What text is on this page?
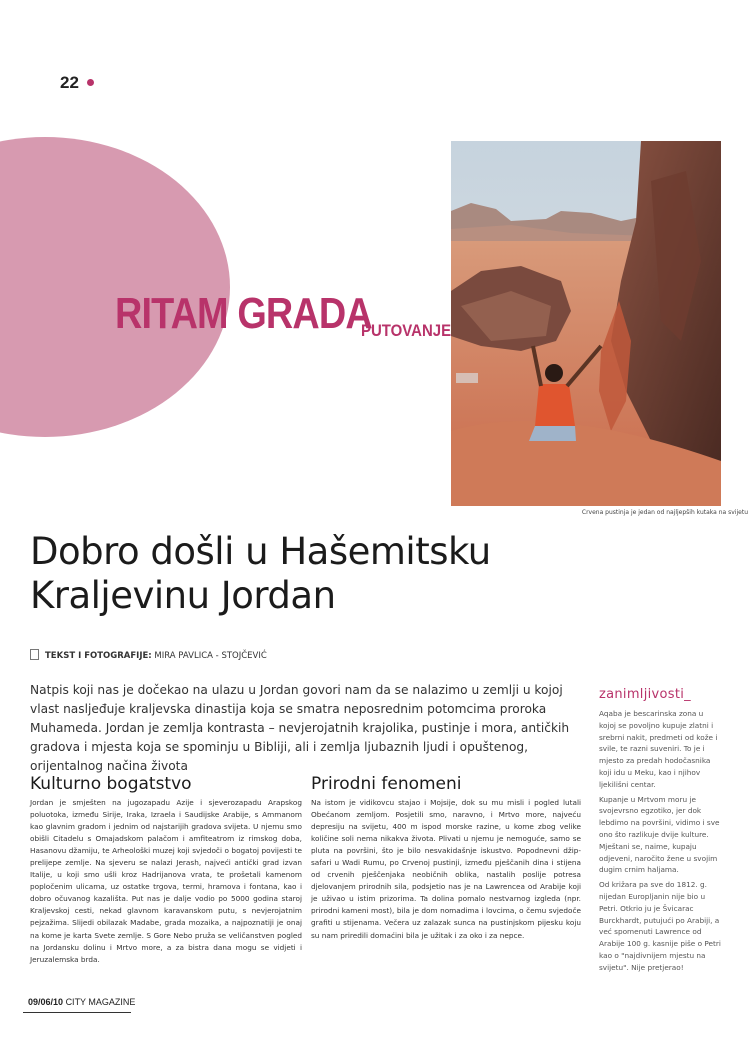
22
RITAM GRADA
PUTOVANJE
Crvena pustinja je jedan od najljepših kutaka na svijetu
Dobro došli u Hašemitsku Kraljevinu Jordan
TEKST I FOTOGRAFIJE: MIRA PAVLICA - STOJČEVIĆ
Natpis koji nas je dočekao na ulazu u Jordan govori nam da se nalazimo u zemlji u kojoj vlast nasljeđuje kraljevska dinastija koja se smatra neposrednim potomcima proroka Muhameda. Jordan je zemlja kontrasta – nevjerojatnih krajolika, pustinje i mora, antičkih gradova i mjesta koja se spominju u Bibliji, ali i zemlja ljubaznih ljudi i opuštenog, orijentalnog načina života
Kulturno bogatstvo
Jordan je smješten na jugozapadu Azije i sjeverozapadu Arapskog poluotoka, između Sirije, Iraka, Izraela i Saudijske Arabije, s Ammanom kao glavnim gradom i jednim od najstarijih gradova svijeta. U njemu smo obišli Citadelu s Omajadskom palačom i amfiteatrom iz rimskog doba, Hasanovu džamiju, te Arheološki muzej koji svjedoči o bogatoj povijesti te prelijepe zemlje. Na sjeveru se nalazi Jerash, najveći antički grad izvan Italije, u koji smo ušli kroz Hadrijanova vrata, te prošetali kamenom popločenim ulicama, uz ostatke trgova, termi, hramova i fontana, kao i dobro očuvanog kazališta. Put nas je dalje vodio po 5000 godina staroj Kraljevskoj cesti, nekad glavnom karavanskom putu, s nevjerojatnim pejzažima. Slijedi obilazak Madabe, grada mozaika, a najpoznatiji je onaj na kome je karta Svete zemlje. S Gore Nebo pruža se veličanstven pogled na Jordansku dolinu i Mrtvo more, a za bistra dana mogu se vidjeti i Jeruzalemska brda.
Prirodni fenomeni
Na istom je vidikovcu stajao i Mojsije, dok su mu misli i pogled lutali Obećanom zemljom. Posjetili smo, naravno, i Mrtvo more, najveću depresiju na svijetu, 400 m ispod morske razine, u kome zbog velike količine soli nema nikakva života. Plivati u njemu je nemoguće, samo se pluta na površini, što je bilo nesvakidašnje iskustvo. Popodnevni džip-safari u Wadi Rumu, po Crvenoj pustinji, između pješčanih dina i stijena od crvenih pješčenjaka neobičnih oblika, nastalih poslije potresa djelovanjem prirodnih sila, podsjetio nas je na Lawrencea od Arabije koji je uživao u istim prizorima. Ta dolina pomalo nestvarnog izgleda (npr. prirodni kameni most), bila je dom nomadima i lovcima, o čemu svjedoče grafiti u stijenama. Večera uz zalazak sunca na pustinjskom pijesku koju su nam priredili domaćini bila je užitak i za oko i za nepce.
zanimljivosti_

Aqaba je bescarinska zona u kojoj se povoljno kupuje zlatni i srebrni nakit, predmeti od kože i svile, te razni suveniri. To je i mjesto za predah hodočasnika koji idu u Meku, kao i njihov ljekilišni centar.

Kupanje u Mrtvom moru je svojevrsno egzotiko, jer dok lebdimo na površini, vidimo i sve ono što razlikuje dvije kulture. Mještani se, naime, kupaju odjeveni, naročito žene u svojim dugim crnim haljama.

Od križara pa sve do 1812. g. nijedan Europljanin nije bio u Petri. Otkrio ju je Švicarac Burckhardt, putujući po Arabiji, a već spomenuti Lawrence od Arabije 100 g. kasnije piše o Petri kao o "najdivnijem mjestu na svijetu". Nije pretjerao!

09/06/10 CITY MAGAZINE
